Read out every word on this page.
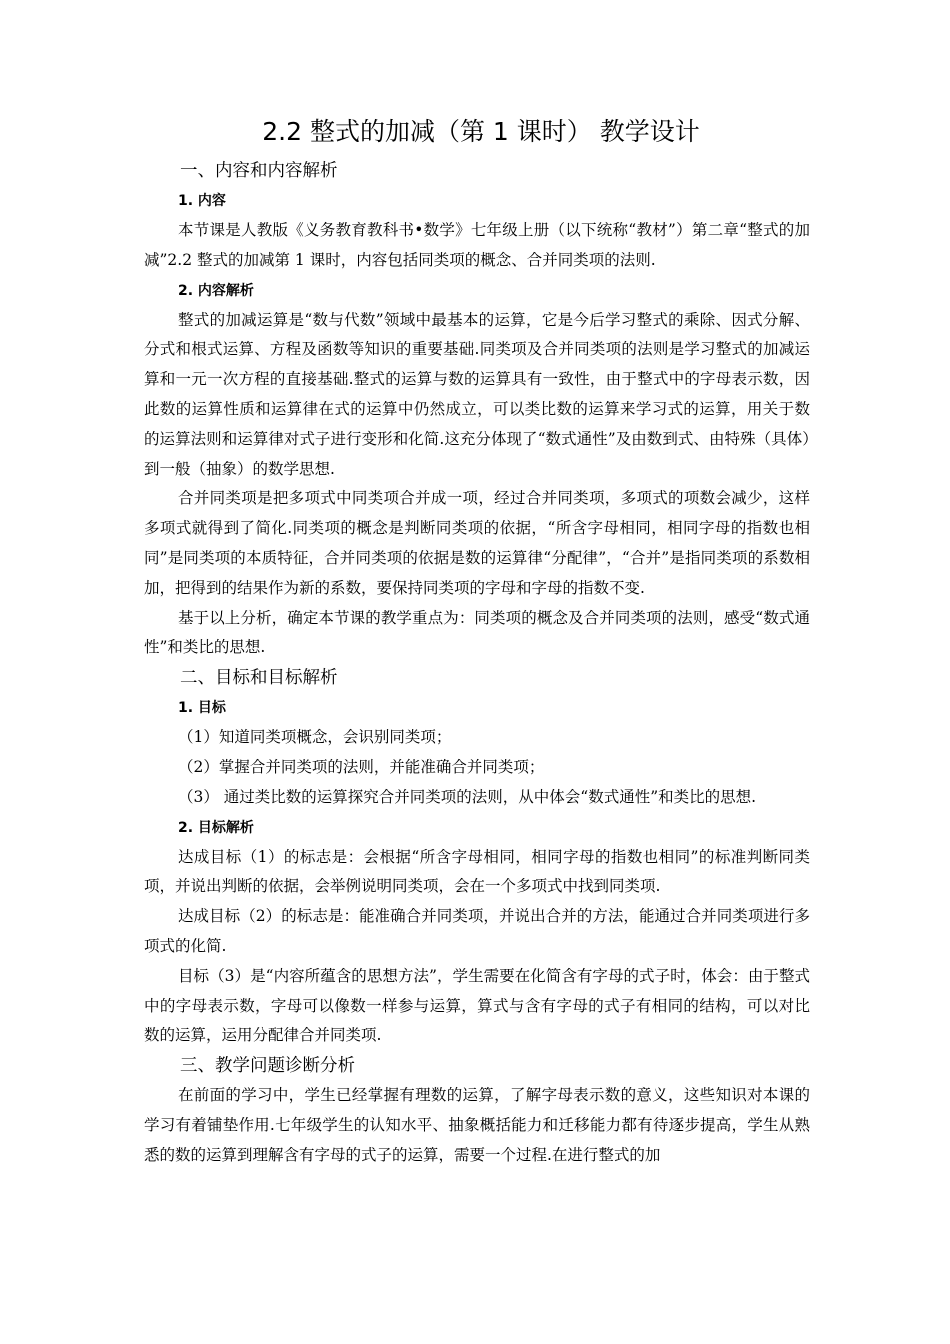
2.2 整式的加减（第 1 课时） 教学设计
一、内容和内容解析
1. 内容

本节课是人教版《义务教育教科书•数学》七年级上册（以下统称“教材”）第二章“整式的加减”2.2 整式的加减第 1 课时，内容包括同类项的概念、合并同类项的法则.

2. 内容解析

整式的加减运算是“数与代数”领域中最基本的运算，它是今后学习整式的乘除、因式分解、分式和根式运算、方程及函数等知识的重要基础.同类项及合并同类项的法则是学习整式的加减运算和一元一次方程的直接基础.整式的运算与数的运算具有一致性，由于整式中的字母表示数，因此数的运算性质和运算律在式的运算中仍然成立，可以类比数的运算来学习式的运算，用关于数的运算法则和运算律对式子进行变形和化简.这充分体现了“数式通性”及由数到式、由特殊（具体）到一般（抽象）的数学思想.

合并同类项是把多项式中同类项合并成一项，经过合并同类项，多项式的项数会减少，这样多项式就得到了简化.同类项的概念是判断同类项的依据，“所含字母相同，相同字母的指数也相同”是同类项的本质特征，合并同类项的依据是数的运算律“分配律”，“合并”是指同类项的系数相加，把得到的结果作为新的系数，要保持同类项的字母和字母的指数不变.

基于以上分析，确定本节课的教学重点为：同类项的概念及合并同类项的法则，感受“数式通性”和类比的思想.

二、目标和目标解析
1. 目标
（1）知道同类项概念，会识别同类项；
（2）掌握合并同类项的法则，并能准确合并同类项；
（3） 通过类比数的运算探究合并同类项的法则，从中体会“数式通性”和类比的思想.
2. 目标解析

达成目标（1）的标志是：会根据“所含字母相同，相同字母的指数也相同”的标准判断同类项，并说出判断的依据，会举例说明同类项，会在一个多项式中找到同类项.

达成目标（2）的标志是：能准确合并同类项，并说出合并的方法，能通过合并同类项进行多项式的化简.

目标（3）是“内容所蕴含的思想方法”，学生需要在化简含有字母的式子时，体会：由于整式中的字母表示数，字母可以像数一样参与运算，算式与含有字母的式子有相同的结构，可以对比数的运算，运用分配律合并同类项.

三、教学问题诊断分析

在前面的学习中，学生已经掌握有理数的运算，了解字母表示数的意义，这些知识对本课的学习有着铺垫作用.七年级学生的认知水平、抽象概括能力和迁移能力都有待逐步提高，学生从熟悉的数的运算到理解含有字母的式子的运算，需要一个过程.在进行整式的加
